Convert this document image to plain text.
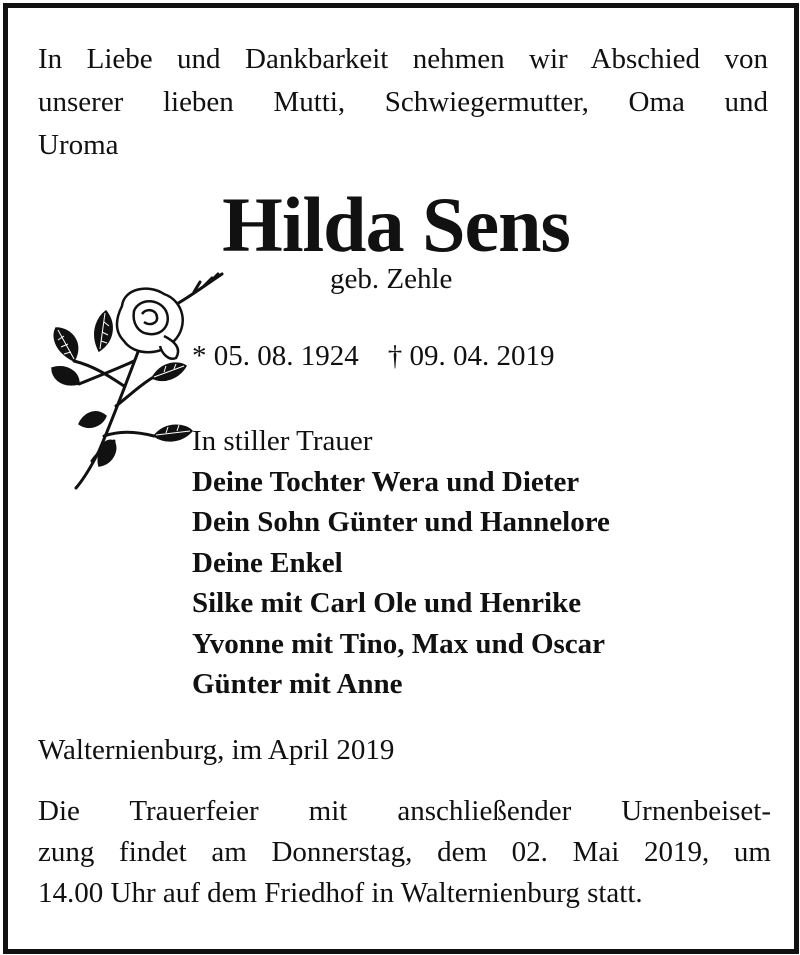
In Liebe und Dankbarkeit nehmen wir Abschied von
unserer lieben Mutti, Schwiegermutter, Oma und
Uroma
Hilda Sens
geb. Zehle
* 05. 08. 1924 † 09. 04. 2019
In stiller Trauer
Deine Tochter Wera und Dieter
Dein Sohn Günter und Hannelore
Deine Enkel
Silke mit Carl Ole und Henrike
Yvonne mit Tino, Max und Oscar
Günter mit Anne
Walternienburg, im April 2019
Die Trauerfeier mit anschließender Urnenbeiset-
zung findet am Donnerstag, dem 02. Mai 2019, um
14.00 Uhr auf dem Friedhof in Walternienburg statt.
